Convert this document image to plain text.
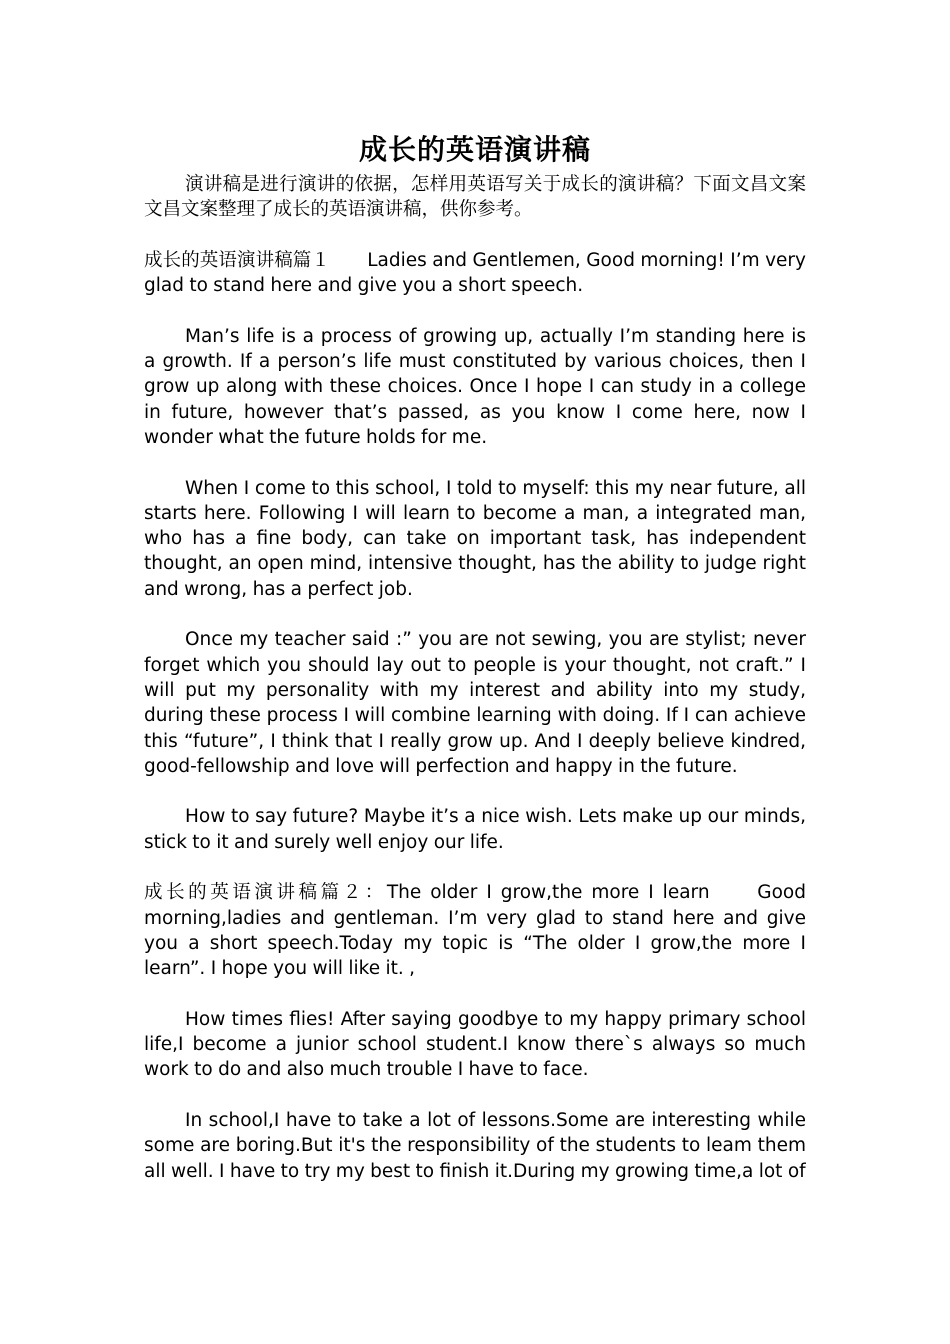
成长的英语演讲稿

演讲稿是进行演讲的依据，怎样用英语写关于成长的演讲稿？下面文昌文案文昌文案整理了成长的英语演讲稿，供你参考。

成长的英语演讲稿篇１　　Ladies and Gentlemen, Good morning! I’m very glad to stand here and give you a short speech.

Man’s life is a process of growing up, actually I’m standing here is a growth. If a person’s life must constituted by various choices, then I grow up along with these choices. Once I hope I can study in a college in future, however that’s passed, as you know I come here, now I wonder what the future holds for me.

When I come to this school, I told to myself: this my near future, all starts here. Following I will learn to become a man, a integrated man, who has a fine body, can take on important task, has independent thought, an open mind, intensive thought, has the ability to judge right and wrong, has a perfect job.

Once my teacher said :” you are not sewing, you are stylist; never forget which you should lay out to people is your thought, not craft.” I will put my personality with my interest and ability into my study, during these process I will combine learning with doing. If I can achieve this “future”, I think that I really grow up. And I deeply believe kindred, good-fellowship and love will perfection and happy in the future.

How to say future? Maybe it’s a nice wish. Lets make up our minds, stick to it and surely well enjoy our life.

成长的英语演讲稿篇２：The older I grow,the more I learn　　Good morning,ladies and gentleman. I’m very glad to stand here and give you a short speech.Today my topic is “The older I grow,the more I learn”. I hope you will like it. ,

How times flies! After saying goodbye to my happy primary school life,I become a junior school student.I know there`s always so much work to do and also much trouble I have to face.

In school,I have to take a lot of lessons.Some are interesting while some are boring.But it's the responsibility of the students to leam them all well. I have to try my best to finish it.During my growing time,a lot of
